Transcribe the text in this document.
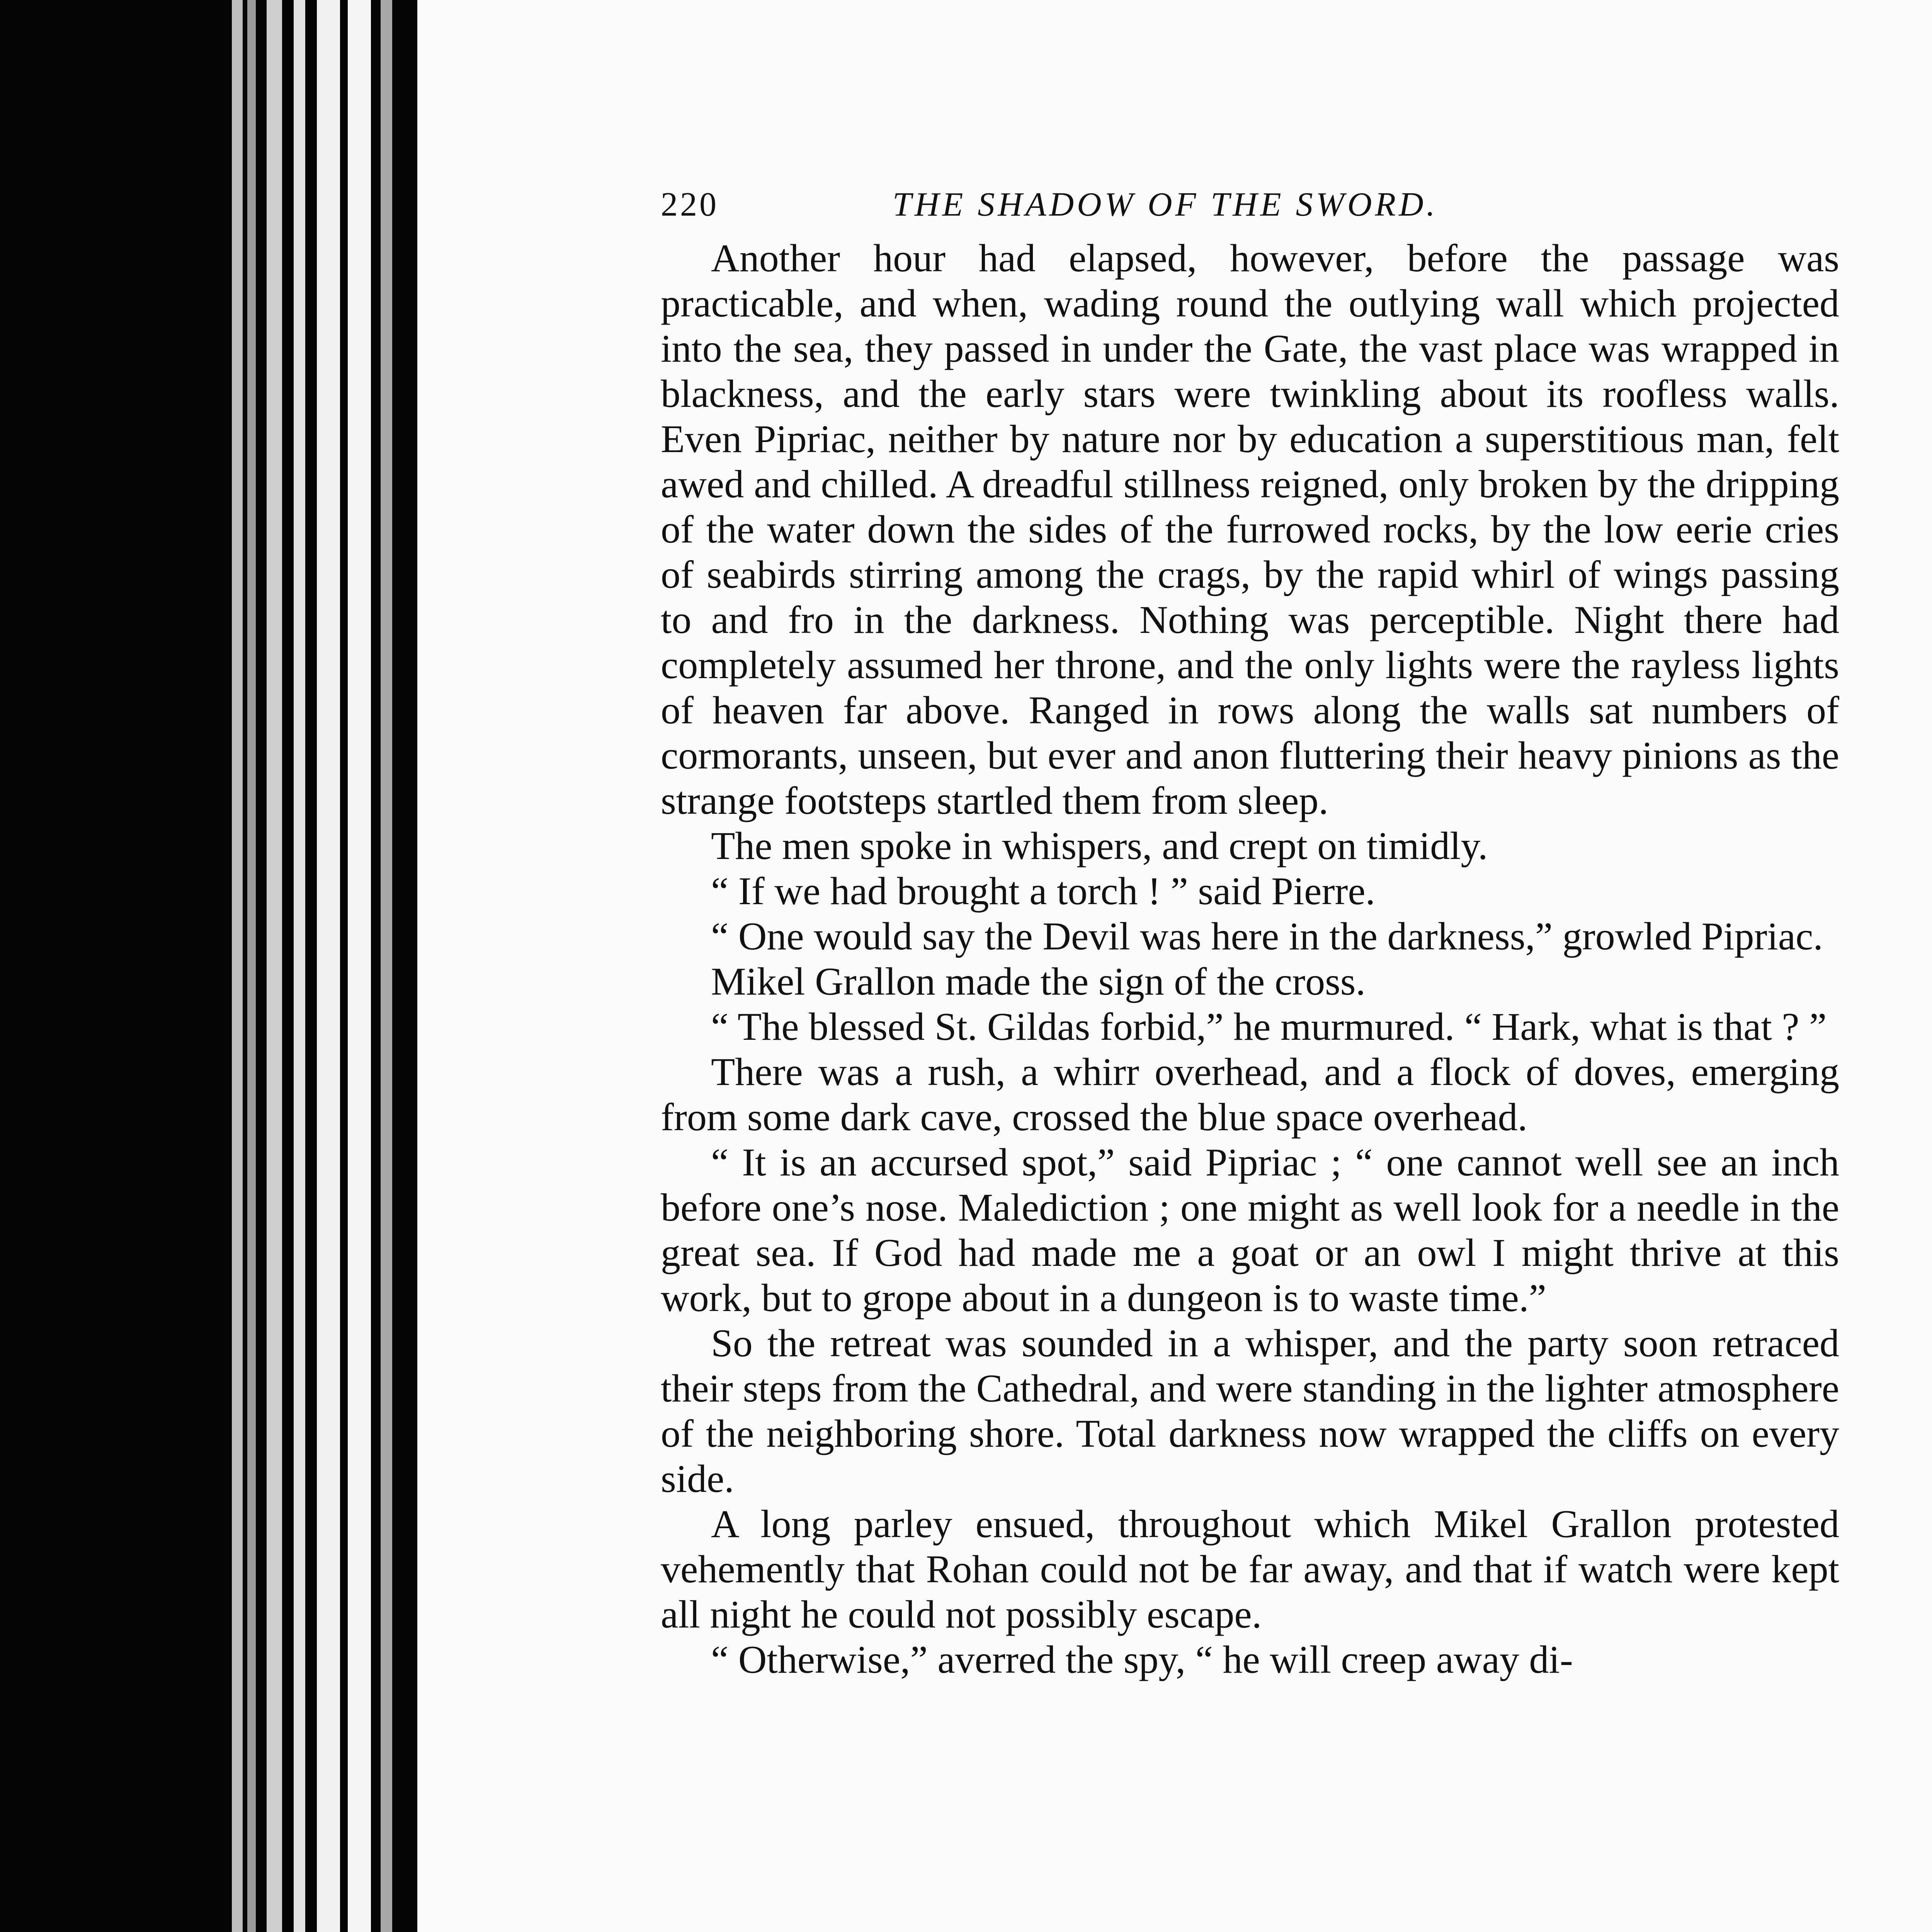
220	THE SHADOW OF THE SWORD.

Another hour had elapsed, however, before the passage was practicable, and when, wading round the outlying wall which projected into the sea, they passed in under the Gate, the vast place was wrapped in blackness, and the early stars were twinkling about its roofless walls. Even Pipriac, neither by nature nor by education a superstitious man, felt awed and chilled. A dreadful stillness reigned, only broken by the dripping of the water down the sides of the furrowed rocks, by the low eerie cries of seabirds stirring among the crags, by the rapid whirl of wings passing to and fro in the darkness. Nothing was perceptible. Night there had completely assumed her throne, and the only lights were the rayless lights of heaven far above. Ranged in rows along the walls sat numbers of cormorants, unseen, but ever and anon fluttering their heavy pinions as the strange footsteps startled them from sleep.

The men spoke in whispers, and crept on timidly.

“ If we had brought a torch ! ” said Pierre.

“ One would say the Devil was here in the darkness,” growled Pipriac.

Mikel Grallon made the sign of the cross.

“ The blessed St. Gildas forbid,” he murmured. “ Hark, what is that ? ”

There was a rush, a whirr overhead, and a flock of doves, emerging from some dark cave, crossed the blue space overhead.

“ It is an accursed spot,” said Pipriac ; “ one cannot well see an inch before one’s nose. Malediction ; one might as well look for a needle in the great sea. If God had made me a goat or an owl I might thrive at this work, but to grope about in a dungeon is to waste time.”

So the retreat was sounded in a whisper, and the party soon retraced their steps from the Cathedral, and were standing in the lighter atmosphere of the neighboring shore. Total darkness now wrapped the cliffs on every side.

A long parley ensued, throughout which Mikel Grallon protested vehemently that Rohan could not be far away, and that if watch were kept all night he could not possibly escape.

“ Otherwise,” averred the spy, “ he will creep away di-
